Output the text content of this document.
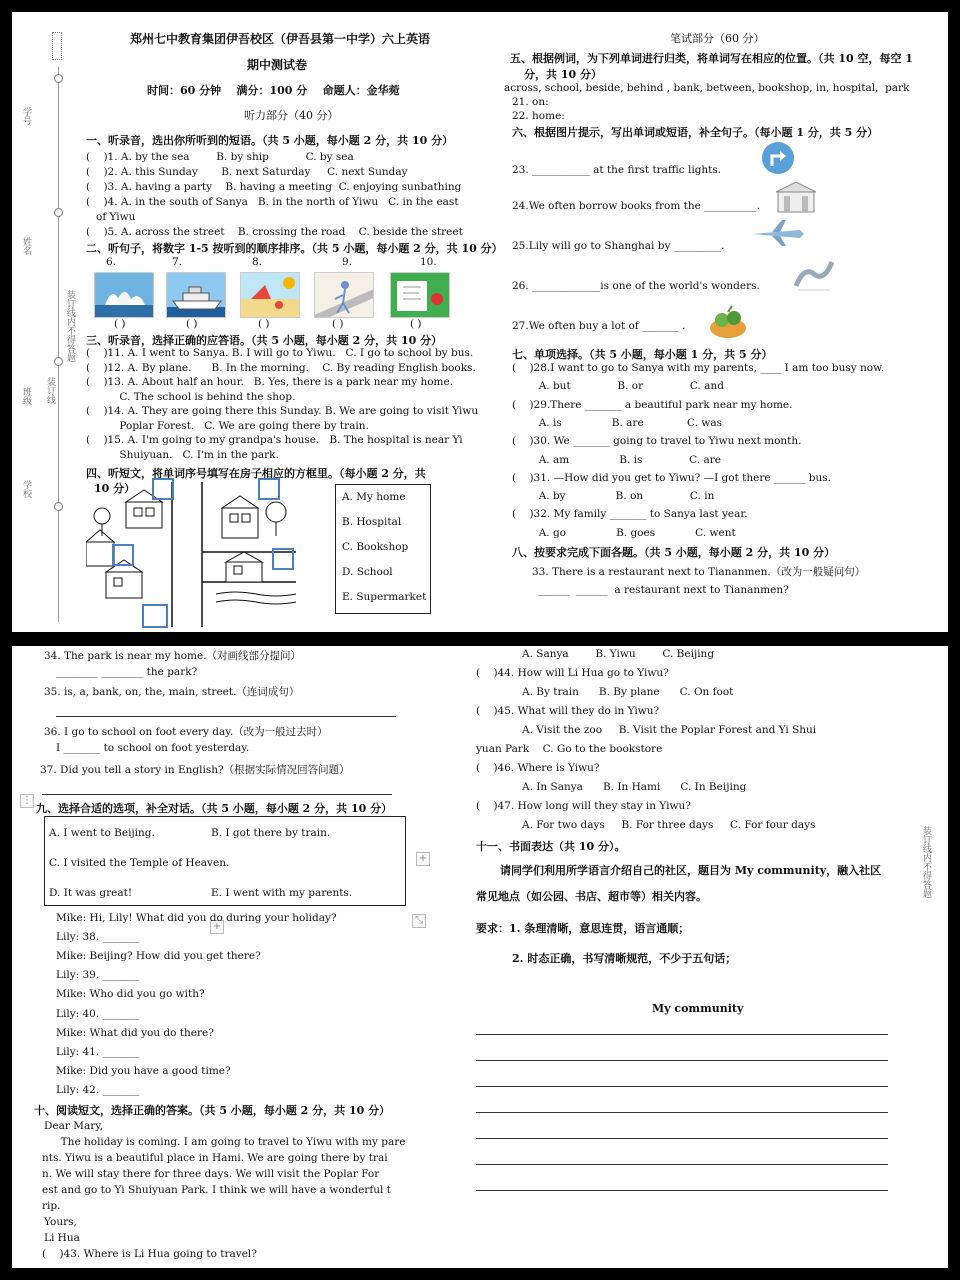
学号
姓名
班级
学校
装订线内不得答题
装订线
郑州七中教育集团伊吾校区（伊吾县第一中学）六上英语
期中测试卷
时间：60 分钟    满分：100 分    命题人：金华菀
听力部分（40 分）
一、听录音，选出你所听到的短语。（共 5 小题，每小题 2 分，共 10 分）
(    )1. A. by the sea        B. by ship           C. by sea
(    )2. A. this Sunday       B. next Saturday     C. next Sunday
(    )3. A. having a party    B. having a meeting  C. enjoying sunbathing
(    )4. A. in the south of Sanya   B. in the north of Yiwu   C. in the east
of Yiwu
(    )5. A. across the street    B. crossing the road    C. beside the street
二、听句子，将数字 1-5 按听到的顺序排序。（共 5 小题，每小题 2 分，共 10 分）
6.	7.	8.	9.	10.
( )	( )	( )	( )	( )
三、听录音，选择正确的应答语。（共 5 小题，每小题 2 分，共 10 分）
(    )11. A. I went to Sanya. B. I will go to Yiwu.   C. I go to school by bus.
(    )12. A. By plane.      B. In the morning.    C. By reading English books.
(    )13. A. About half an hour.   B. Yes, there is a park near my home.
C. The school is behind the shop.
(    )14. A. They are going there this Sunday. B. We are going to visit Yiwu
Poplar Forest.   C. We are going there by train.
(    )15. A. I'm going to my grandpa's house.   B. The hospital is near Yi
Shuiyuan.   C. I'm in the park.
四、听短文，将单词序号填写在房子相应的方框里。（每小题 2 分，共
10 分）
A. My home
B. Hospital
C. Bookshop
D. School
E. Supermarket
笔试部分（60 分）
五、根据例词，为下列单词进行归类，将单词写在相应的位置。（共 10 空，每空 1
分，共 10 分）
across, school, beside, behind , bank, between, bookshop, in, hospital,  park
21. on:
22. home:
六、根据图片提示，写出单词或短语，补全句子。（每小题 1 分，共 5 分）
23. ___________ at the first traffic lights.
24.We often borrow books from the __________.
25.Lily will go to Shanghai by _________.
26. _____________is one of the world's wonders.
27.We often buy a lot of _______ .
七、单项选择。（共 5 小题，每小题 1 分，共 5 分）
(    )28.I want to go to Sanya with my parents, ____ I am too busy now.
A. but              B. or              C. and
(    )29.There _______ a beautiful park near my home.
A. is               B. are             C. was
(    )30. We _______ going to travel to Yiwu next month.
A. am               B. is              C. are
(    )31. —How did you get to Yiwu? —I got there ______ bus.
A. by               B. on              C. in
(    )32. My family _______ to Sanya last year.
A. go               B. goes            C. went
八、按要求完成下面各题。（共 5 小题，每小题 2 分，共 10 分）
33. There is a restaurant next to Tiananmen.（改为一般疑问句）
______  ______  a restaurant next to Tiananmen?
34. The park is near my home.（对画线部分提问）
________ ________ the park?
35. is, a, bank, on, the, main, street.（连词成句）
36. I go to school on foot every day.（改为一般过去时）
I _______ to school on foot yesterday.
37. Did you tell a story in English?（根据实际情况回答问题）
⋮
九、选择合适的选项，补全对话。（共 5 小题，每小题 2 分，共 10 分）
A. I went to Beijing.	B. I got there by train.
C. I visited the Temple of Heaven.
D. It was great!	E. I went with my parents.
+
⤡
+
Mike: Hi, Lily! What did you do during your holiday?
Lily: 38. _______
Mike: Beijing? How did you get there?
Lily: 39. _______
Mike: Who did you go with?
Lily: 40. _______
Mike: What did you do there?
Lily: 41. _______
Mike: Did you have a good time?
Lily: 42. _______
十、阅读短文，选择正确的答案。（共 5 小题，每小题 2 分，共 10 分）
Dear Mary,
The holiday is coming. I am going to travel to Yiwu with my pare
nts. Yiwu is a beautiful place in Hami. We are going there by trai
n. We will stay there for three days. We will visit the Poplar For
est and go to Yi Shuiyuan Park. I think we will have a wonderful t
rip.
Yours,
Li Hua
(    )43. Where is Li Hua going to travel?
A. Sanya        B. Yiwu        C. Beijing
(    )44. How will Li Hua go to Yiwu?
A. By train      B. By plane      C. On foot
(    )45. What will they do in Yiwu?
A. Visit the zoo     B. Visit the Poplar Forest and Yi Shui
yuan Park    C. Go to the bookstore
(    )46. Where is Yiwu?
A. In Sanya      B. In Hami      C. In Beijing
(    )47. How long will they stay in Yiwu?
A. For two days     B. For three days     C. For four days
十一、书面表达（共 10 分）。
请同学们利用所学语言介绍自己的社区，题目为 My community，融入社区
常见地点（如公园、书店、超市等）相关内容。
要求：1. 条理清晰，意思连贯，语言通顺；
2. 时态正确，书写清晰规范，不少于五句话；
My community
装订线内不得答题
